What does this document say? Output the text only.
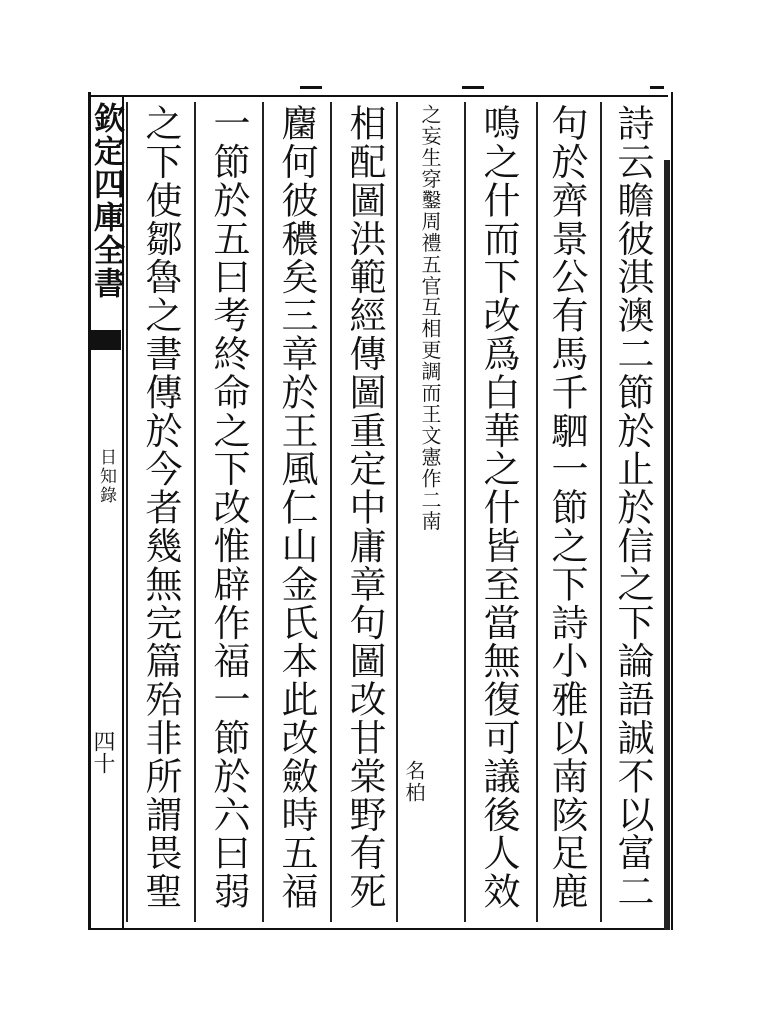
欽定四庫全書
日知錄
四十	詩云瞻彼淇澳二節於止於信之下論語誠不以富二
句於齊景公有馬千駟一節之下詩小雅以南陔足鹿
鳴之什而下改爲白華之什皆至當無復可議後人效
之妄生穿鑿周禮五官互相更調而王文憲作二南
相配圖洪範經傳圖重定中庸章句圖改甘棠野有死
麕何彼穠矣三章於王風仁山金氏本此改斂時五福
一節於五曰考終命之下改惟辟作福一節於六曰弱
之下使鄒魯之書傳於今者幾無完篇殆非所謂畏聖	名柏
